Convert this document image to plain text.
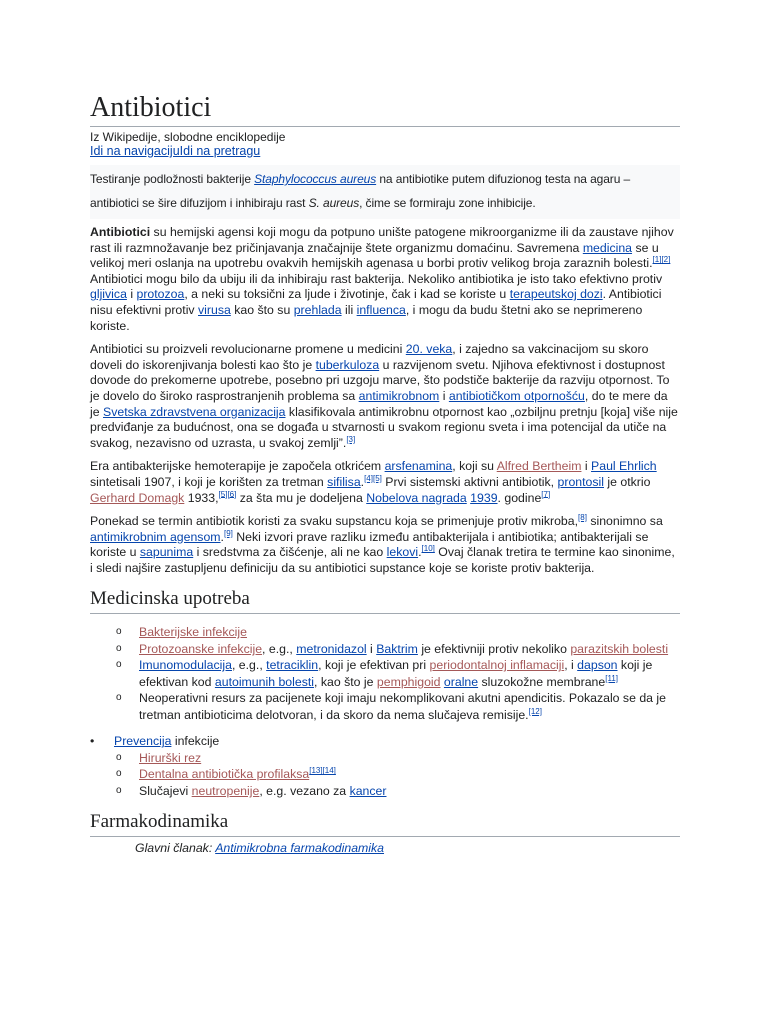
Antibiotici
Iz Wikipedije, slobodne enciklopedije
Idi na navigacijuIdi na pretragu
Testiranje podložnosti bakterije Staphylococcus aureus na antibiotike putem difuzionog testa na agaru –
antibiotici se šire difuzijom i inhibiraju rast S. aureus, čime se formiraju zone inhibicije.

Antibiotici su hemijski agensi koji mogu da potpuno unište patogene mikroorganizme ili da zaustave njihov rast ili razmnožavanje bez pričinjavanja značajnije štete organizmu domaćinu. Savremena medicina se u velikoj meri oslanja na upotrebu ovakvih hemijskih agenasa u borbi protiv velikog broja zaraznih bolesti.[1][2] Antibiotici mogu bilo da ubiju ili da inhibiraju rast bakterija. Nekoliko antibiotika je isto tako efektivno protiv gljivica i protozoa, a neki su toksični za ljude i životinje, čak i kad se koriste u terapeutskoj dozi. Antibiotici nisu efektivni protiv virusa kao što su prehlada ili influenca, i mogu da budu štetni ako se neprimereno koriste.

Antibiotici su proizveli revolucionarne promene u medicini 20. veka, i zajedno sa vakcinacijom su skoro doveli do iskorenjivanja bolesti kao što je tuberkuloza u razvijenom svetu. Njihova efektivnost i dostupnost dovode do prekomerne upotrebe, posebno pri uzgoju marve, što podstiče bakterije da razviju otpornost. To je dovelo do široko rasprostranjenih problema sa antimikrobnom i antibiotičkom otpornošću, do te mere da je Svetska zdravstvena organizacija klasifikovala antimikrobnu otpornost kao „ozbiljnu pretnju [koja] više nije predviđanje za budućnost, ona se događa u stvarnosti u svakom regionu sveta i ima potencijal da utiče na svakog, nezavisno od uzrasta, u svakoj zemlji”.[3]

Era antibakterijske hemoterapije je započela otkrićem arsfenamina, koji su Alfred Bertheim i Paul Ehrlich sintetisali 1907, i koji je korišten za tretman sifilisa.[4][5] Prvi sistemski aktivni antibiotik, prontosil je otkrio Gerhard Domagk 1933,[5][6] za šta mu je dodeljena Nobelova nagrada 1939. godine[7]

Ponekad se termin antibiotik koristi za svaku supstancu koja se primenjuje protiv mikroba,[8] sinonimno sa antimikrobnim agensom.[9] Neki izvori prave razliku između antibakterijala i antibiotika; antibakterijali se koriste u sapunima i sredstvma za čišćenje, ali ne kao lekovi.[10] Ovaj članak tretira te termine kao sinonime, i sledi najšire zastupljenu definiciju da su antibiotici supstance koje se koriste protiv bakterija.

Medicinska upotreba
o Bakterijske infekcije
o Protozoanske infekcije, e.g., metronidazol i Baktrim je efektivniji protiv nekoliko parazitskih bolesti
o Imunomodulacija, e.g., tetraciklin, koji je efektivan pri periodontalnoj inflamaciji, i dapson koji je efektivan kod autoimunih bolesti, kao što je pemphigoid oralne sluzokožne membrane[11]
o Neoperativni resurs za pacijenete koji imaju nekomplikovani akutni apendicitis. Pokazalo se da je tretman antibioticima delotvoran, i da skoro da nema slučajeva remisije.[12]
• Prevencija infekcije
o Hirurški rez
o Dentalna antibiotička profilaksa[13][14]
o Slučajevi neutropenije, e.g. vezano za kancer
Farmakodinamika
Glavni članak: Antimikrobna farmakodinamika
